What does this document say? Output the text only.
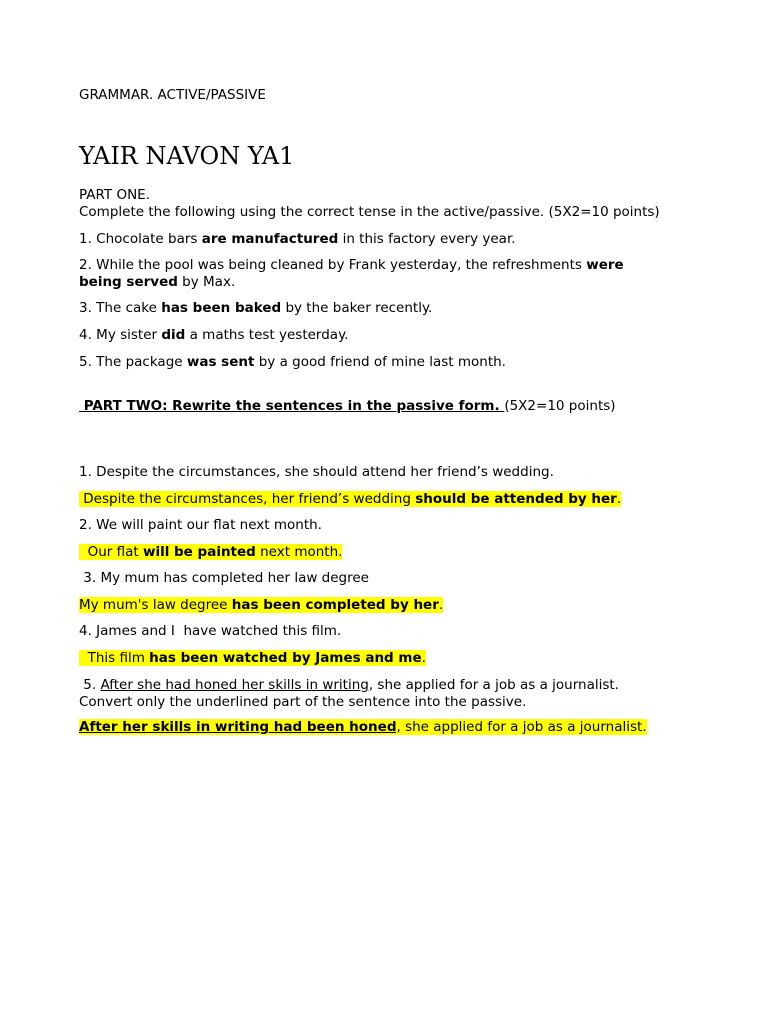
GRAMMAR. ACTIVE/PASSIVE
YAIR NAVON YA1
PART ONE.
Complete the following using the correct tense in the active/passive. (5X2=10 points)
1. Chocolate bars are manufactured in this factory every year.
2. While the pool was being cleaned by Frank yesterday, the refreshments were
being served by Max.
3. The cake has been baked by the baker recently.
4. My sister did a maths test yesterday.
5. The package was sent by a good friend of mine last month.
PART TWO: Rewrite the sentences in the passive form. (5X2=10 points)
1. Despite the circumstances, she should attend her friend’s wedding.
Despite the circumstances, her friend’s wedding should be attended by her.
2. We will paint our flat next month.
Our flat will be painted next month.
3. My mum has completed her law degree
My mum's law degree has been completed by her.
4. James and I  have watched this film.
This film has been watched by James and me.
5. After she had honed her skills in writing, she applied for a job as a journalist.
Convert only the underlined part of the sentence into the passive.
After her skills in writing had been honed, she applied for a job as a journalist.
